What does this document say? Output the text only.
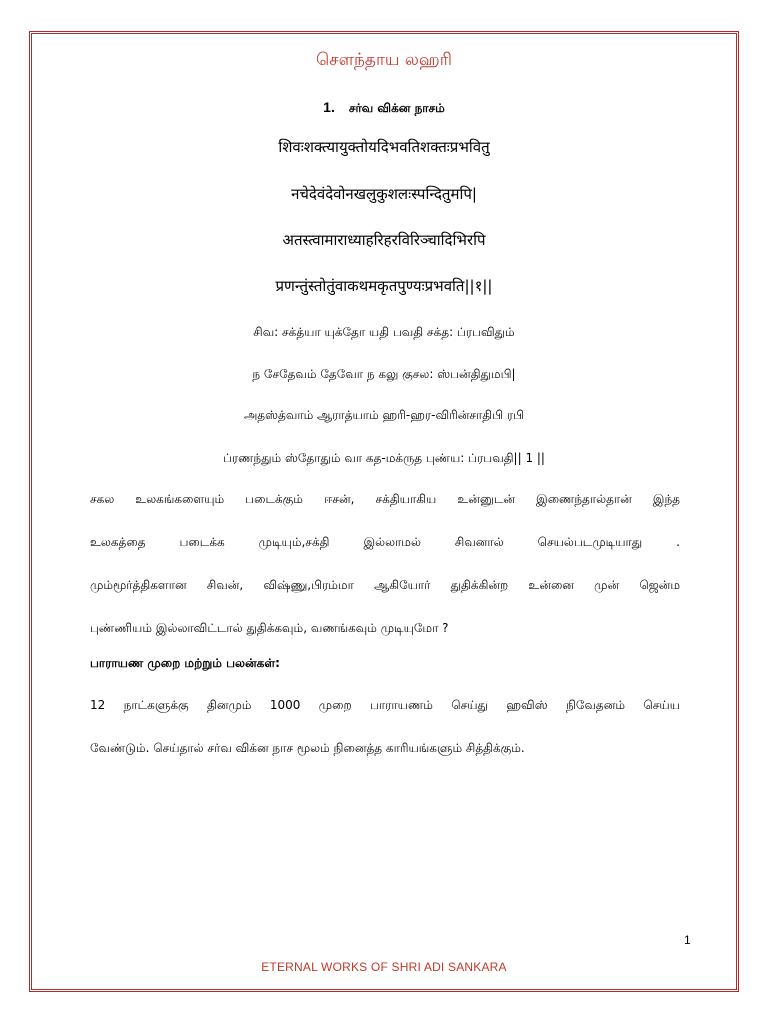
சௌந்தாய லஹரி
1. சர்வ விக்ன நாசம்
शिवःशक्त्यायुक्तोयदिभवतिशक्तःप्रभवितु
नचेदेवंदेवोनखलुकुशलःस्पन्दितुमपि|
अतस्त्वामाराध्याहरिहरविरिञ्चादिभिरपि
प्रणन्तुंस्तोतुंवाकथमकृतपुण्यःप्रभवति||१||
சிவ: சக்த்யா யுக்தோ யதி பவதி சக்த: ப்ரபவிதும்
ந சேதேவம் தேவோ ந கலு குசல: ஸ்பன்திதுமபி|
அதஸ்த்வாம் ஆராத்யாம் ஹரி-ஹர-விரின்சாதிபி ரபி
ப்ரணந்தும் ஸ்தோதும் வா கத-மக்ருத புண்ய: ப்ரபவதி|| 1 ||
சகல உலகங்களையும் படைக்கும் ஈசன், சக்தியாகிய உன்னுடன் இணைந்தால்தான் இந்த
உலகத்தை படைக்க முடியும்,சக்தி இல்லாமல் சிவனால் செயல்படமுடியாது .
மும்மூர்த்திகளான சிவன், விஷ்ணு,பிரம்மா ஆகியோர் துதிக்கின்ற உன்னை முன் ஜென்ம
புண்ணியம் இல்லாவிட்டால் துதிக்கவும், வணங்கவும் முடியுமோ ?
பாராயண முறை மற்றும் பலன்கள்:
12 நாட்களுக்கு தினமும் 1000 முறை பாராயணம் செய்து ஹவிஸ் நிவேதனம் செய்ய
வேண்டும். செய்தால் சர்வ விக்ன நாச மூலம் நினைத்த காரியங்களும் சித்திக்கும்.
1
ETERNAL WORKS OF SHRI ADI SANKARA
